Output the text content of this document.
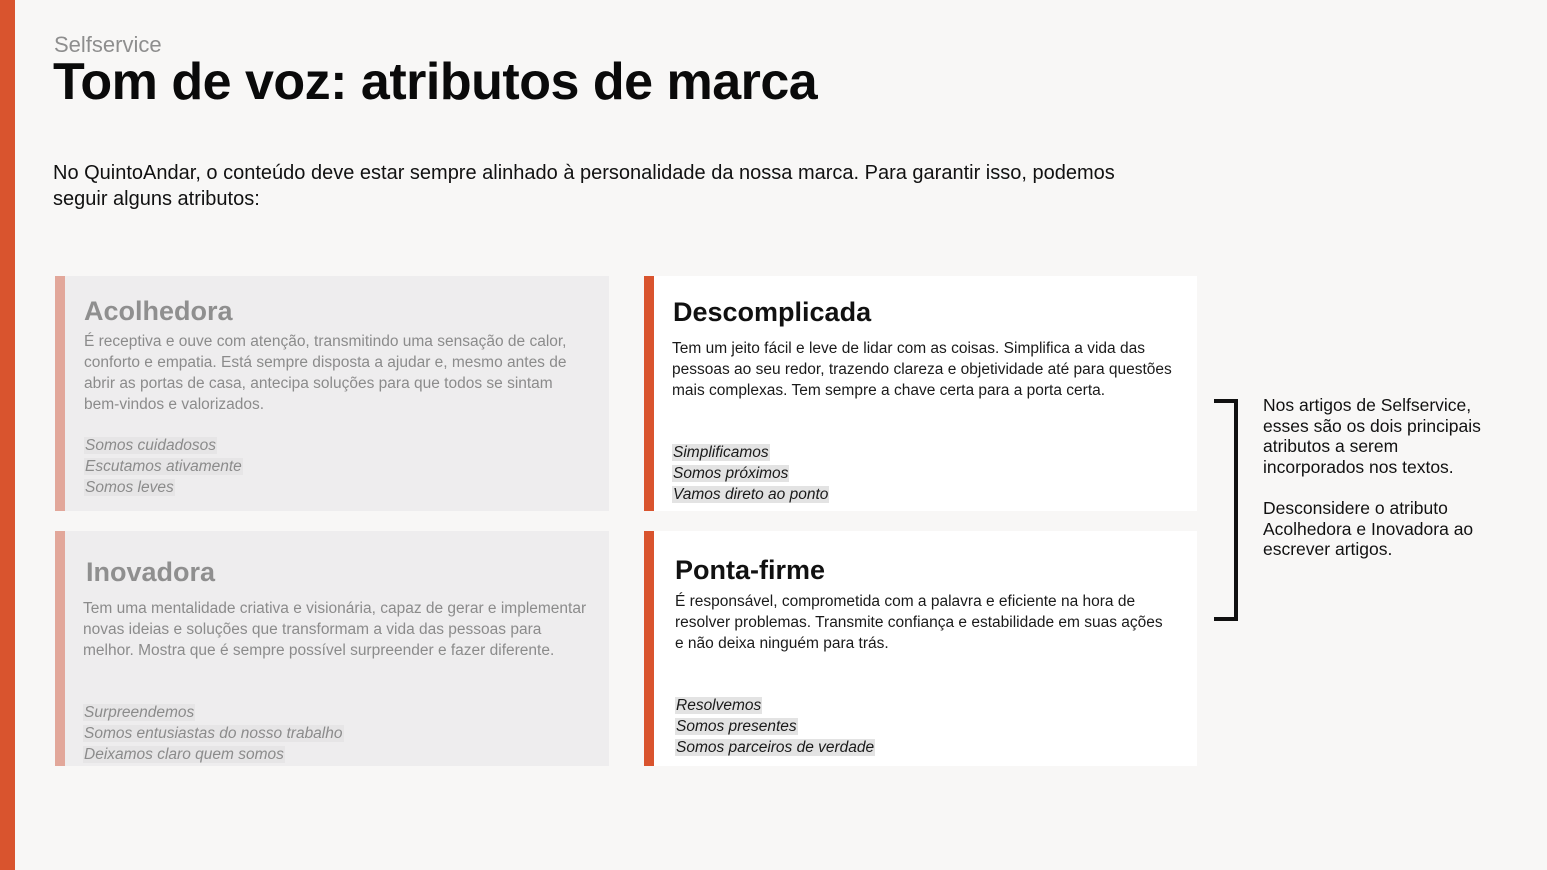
Selfservice
Tom de voz: atributos de marca

No QuintoAndar, o conteúdo deve estar sempre alinhado à personalidade da nossa marca. Para garantir isso, podemos seguir alguns atributos:

Acolhedora
É receptiva e ouve com atenção, transmitindo uma sensação de calor, conforto e empatia. Está sempre disposta a ajudar e, mesmo antes de abrir as portas de casa, antecipa soluções para que todos se sintam bem-vindos e valorizados.
Somos cuidadosos
Escutamos ativamente
Somos leves
Descomplicada
Tem um jeito fácil e leve de lidar com as coisas. Simplifica a vida das pessoas ao seu redor, trazendo clareza e objetividade até para questões mais complexas. Tem sempre a chave certa para a porta certa.
Simplificamos
Somos próximos
Vamos direto ao ponto
Inovadora
Tem uma mentalidade criativa e visionária, capaz de gerar e implementar novas ideias e soluções que transformam a vida das pessoas para melhor. Mostra que é sempre possível surpreender e fazer diferente.
Surpreendemos
Somos entusiastas do nosso trabalho
Deixamos claro quem somos
Ponta-firme
É responsável, comprometida com a palavra e eficiente na hora de resolver problemas. Transmite confiança e estabilidade em suas ações e não deixa ninguém para trás.
Resolvemos
Somos presentes
Somos parceiros de verdade

Nos artigos de Selfservice, esses são os dois principais atributos a serem incorporados nos textos.

Desconsidere o atributo Acolhedora e Inovadora ao escrever artigos.
